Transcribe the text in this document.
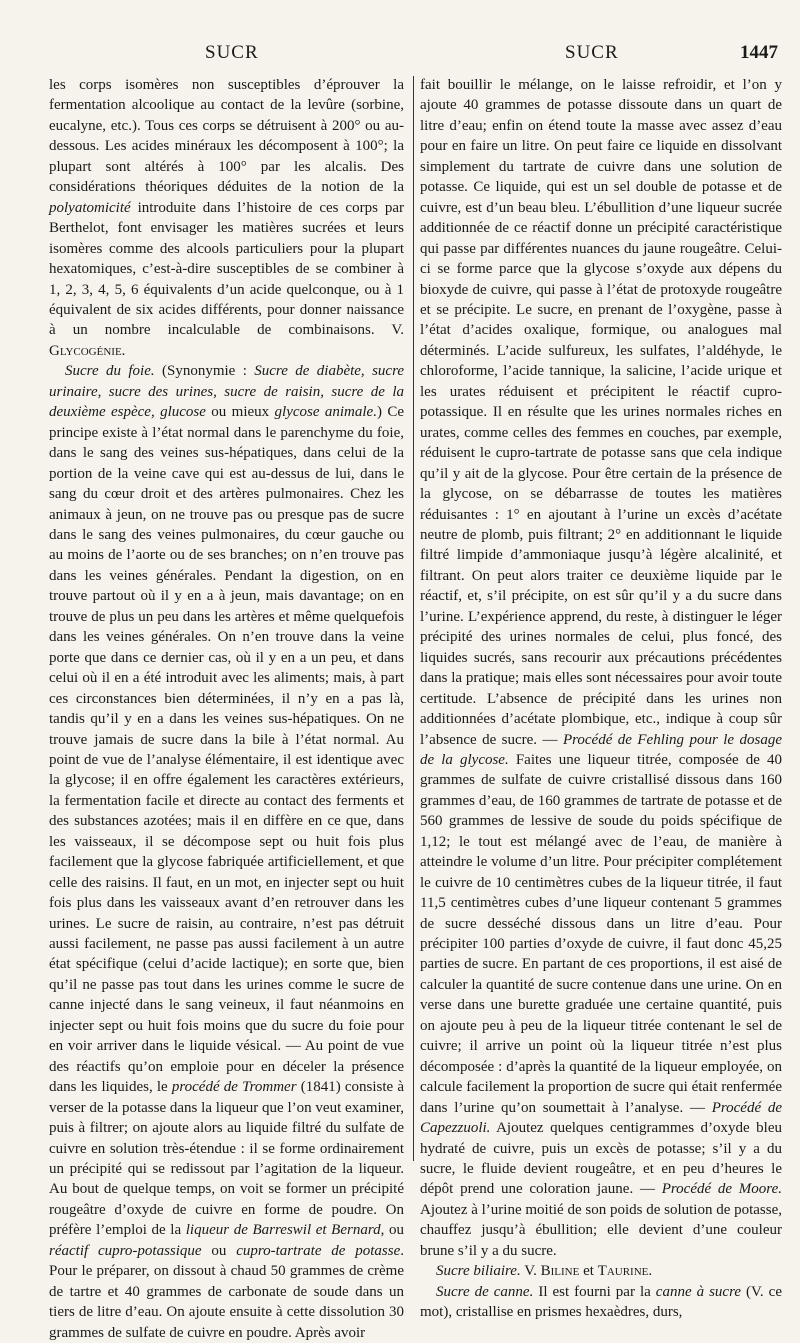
SUCR	SUCR	1447

les corps isomères non susceptibles d’éprouver la fermentation alcoolique au contact de la levûre (sorbine, eucalyne, etc.). Tous ces corps se détruisent à 200° ou au-dessous. Les acides minéraux les décomposent à 100°; la plupart sont altérés à 100° par les alcalis. Des considérations théoriques déduites de la notion de la polyatomicité introduite dans l’histoire de ces corps par Berthelot, font envisager les matières sucrées et leurs isomères comme des alcools particuliers pour la plupart hexatomiques, c’est-à-dire susceptibles de se combiner à 1, 2, 3, 4, 5, 6 équivalents d’un acide quelconque, ou à 1 équivalent de six acides différents, pour donner naissance à un nombre incalculable de combinaisons. V. Glycogénie.

Sucre du foie. (Synonymie : Sucre de diabète, sucre urinaire, sucre des urines, sucre de raisin, sucre de la deuxième espèce, glucose ou mieux glycose animale.) Ce principe existe à l’état normal dans le parenchyme du foie, dans le sang des veines sus-hépatiques, dans celui de la portion de la veine cave qui est au-dessus de lui, dans le sang du cœur droit et des artères pulmonaires. Chez les animaux à jeun, on ne trouve pas ou presque pas de sucre dans le sang des veines pulmonaires, du cœur gauche ou au moins de l’aorte ou de ses branches; on n’en trouve pas dans les veines générales. Pendant la digestion, on en trouve partout où il y en a à jeun, mais davantage; on en trouve de plus un peu dans les artères et même quelquefois dans les veines générales. On n’en trouve dans la veine porte que dans ce dernier cas, où il y en a un peu, et dans celui où il en a été introduit avec les aliments; mais, à part ces circonstances bien déterminées, il n’y en a pas là, tandis qu’il y en a dans les veines sus-hépatiques. On ne trouve jamais de sucre dans la bile à l’état normal. Au point de vue de l’analyse élémentaire, il est identique avec la glycose; il en offre également les caractères extérieurs, la fermentation facile et directe au contact des ferments et des substances azotées; mais il en diffère en ce que, dans les vaisseaux, il se décompose sept ou huit fois plus facilement que la glycose fabriquée artificiellement, et que celle des raisins. Il faut, en un mot, en injecter sept ou huit fois plus dans les vaisseaux avant d’en retrouver dans les urines. Le sucre de raisin, au contraire, n’est pas détruit aussi facilement, ne passe pas aussi facilement à un autre état spécifique (celui d’acide lactique); en sorte que, bien qu’il ne passe pas tout dans les urines comme le sucre de canne injecté dans le sang veineux, il faut néanmoins en injecter sept ou huit fois moins que du sucre du foie pour en voir arriver dans le liquide vésical. — Au point de vue des réactifs qu’on emploie pour en déceler la présence dans les liquides, le procédé de Trommer (1841) consiste à verser de la potasse dans la liqueur que l’on veut examiner, puis à filtrer; on ajoute alors au liquide filtré du sulfate de cuivre en solution très-étendue : il se forme ordinairement un précipité qui se redissout par l’agitation de la liqueur. Au bout de quelque temps, on voit se former un précipité rougeâtre d’oxyde de cuivre en forme de poudre. On préfère l’emploi de la liqueur de Barreswil et Bernard, ou réactif cupro-potassique ou cupro-tartrate de potasse. Pour le préparer, on dissout à chaud 50 grammes de crème de tartre et 40 grammes de carbonate de soude dans un tiers de litre d’eau. On ajoute ensuite à cette dissolution 30 grammes de sulfate de cuivre en poudre. Après avoir

fait bouillir le mélange, on le laisse refroidir, et l’on y ajoute 40 grammes de potasse dissoute dans un quart de litre d’eau; enfin on étend toute la masse avec assez d’eau pour en faire un litre. On peut faire ce liquide en dissolvant simplement du tartrate de cuivre dans une solution de potasse. Ce liquide, qui est un sel double de potasse et de cuivre, est d’un beau bleu. L’ébullition d’une liqueur sucrée additionnée de ce réactif donne un précipité caractéristique qui passe par différentes nuances du jaune rougeâtre. Celui-ci se forme parce que la glycose s’oxyde aux dépens du bioxyde de cuivre, qui passe à l’état de protoxyde rougeâtre et se précipite. Le sucre, en prenant de l’oxygène, passe à l’état d’acides oxalique, formique, ou analogues mal déterminés. L’acide sulfureux, les sulfates, l’aldéhyde, le chloroforme, l’acide tannique, la salicine, l’acide urique et les urates réduisent et précipitent le réactif cupro-potassique. Il en résulte que les urines normales riches en urates, comme celles des femmes en couches, par exemple, réduisent le cupro-tartrate de potasse sans que cela indique qu’il y ait de la glycose. Pour être certain de la présence de la glycose, on se débarrasse de toutes les matières réduisantes : 1° en ajoutant à l’urine un excès d’acétate neutre de plomb, puis filtrant; 2° en additionnant le liquide filtré limpide d’ammoniaque jusqu’à légère alcalinité, et filtrant. On peut alors traiter ce deuxième liquide par le réactif, et, s’il précipite, on est sûr qu’il y a du sucre dans l’urine. L’expérience apprend, du reste, à distinguer le léger précipité des urines normales de celui, plus foncé, des liquides sucrés, sans recourir aux précautions précédentes dans la pratique; mais elles sont nécessaires pour avoir toute certitude. L’absence de précipité dans les urines non additionnées d’acétate plombique, etc., indique à coup sûr l’absence de sucre. — Procédé de Fehling pour le dosage de la glycose. Faites une liqueur titrée, composée de 40 grammes de sulfate de cuivre cristallisé dissous dans 160 grammes d’eau, de 160 grammes de tartrate de potasse et de 560 grammes de lessive de soude du poids spécifique de 1,12; le tout est mélangé avec de l’eau, de manière à atteindre le volume d’un litre. Pour précipiter complétement le cuivre de 10 centimètres cubes de la liqueur titrée, il faut 11,5 centimètres cubes d’une liqueur contenant 5 grammes de sucre desséché dissous dans un litre d’eau. Pour précipiter 100 parties d’oxyde de cuivre, il faut donc 45,25 parties de sucre. En partant de ces proportions, il est aisé de calculer la quantité de sucre contenue dans une urine. On en verse dans une burette graduée une certaine quantité, puis on ajoute peu à peu de la liqueur titrée contenant le sel de cuivre; il arrive un point où la liqueur titrée n’est plus décomposée : d’après la quantité de la liqueur employée, on calcule facilement la proportion de sucre qui était renfermée dans l’urine qu’on soumettait à l’analyse. — Procédé de Capezzuoli. Ajoutez quelques centigrammes d’oxyde bleu hydraté de cuivre, puis un excès de potasse; s’il y a du sucre, le fluide devient rougeâtre, et en peu d’heures le dépôt prend une coloration jaune. — Procédé de Moore. Ajoutez à l’urine moitié de son poids de solution de potasse, chauffez jusqu’à ébullition; elle devient d’une couleur brune s’il y a du sucre.

Sucre biliaire. V. Biline et Taurine.

Sucre de canne. Il est fourni par la canne à sucre (V. ce mot), cristallise en prismes hexaèdres, durs,
